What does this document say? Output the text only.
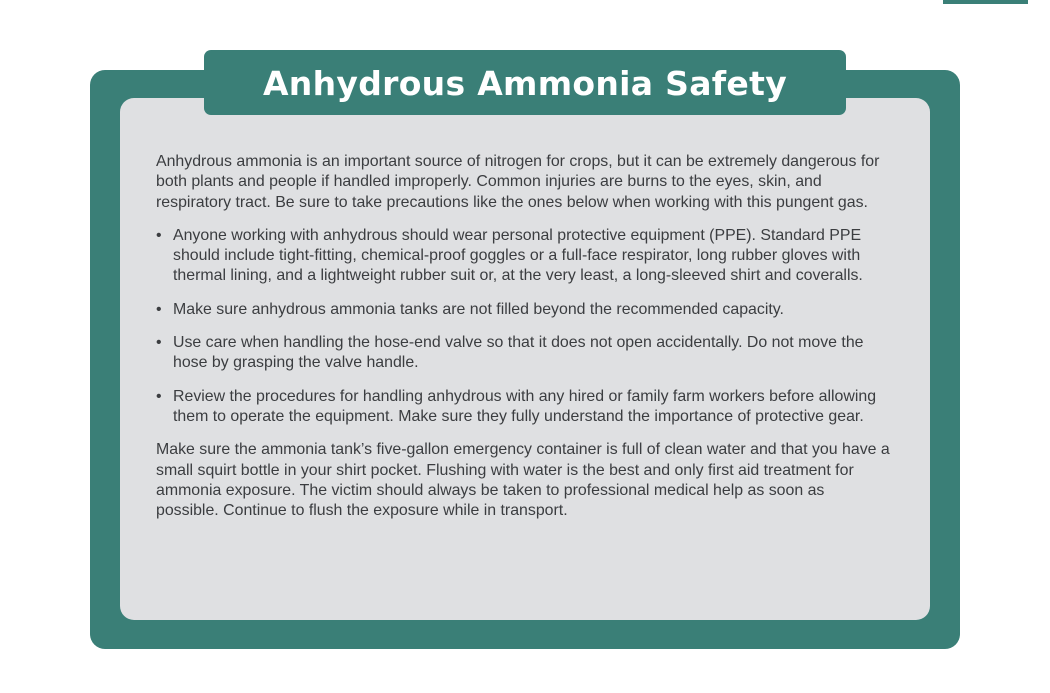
Anhydrous Ammonia Safety

Anhydrous ammonia is an important source of nitrogen for crops, but it can be extremely dangerous for both plants and people if handled improperly. Common injuries are burns to the eyes, skin, and respiratory tract. Be sure to take precautions like the ones below when working with this pungent gas.

• Anyone working with anhydrous should wear personal protective equipment (PPE). Standard PPE should include tight-fitting, chemical-proof goggles or a full-face respirator, long rubber gloves with thermal lining, and a lightweight rubber suit or, at the very least, a long-sleeved shirt and coveralls.
• Make sure anhydrous ammonia tanks are not filled beyond the recommended capacity.
• Use care when handling the hose-end valve so that it does not open accidentally. Do not move the hose by grasping the valve handle.
• Review the procedures for handling anhydrous with any hired or family farm workers before allowing them to operate the equipment. Make sure they fully understand the importance of protective gear.

Make sure the ammonia tank’s five-gallon emergency container is full of clean water and that you have a small squirt bottle in your shirt pocket. Flushing with water is the best and only first aid treatment for ammonia exposure. The victim should always be taken to professional medical help as soon as possible. Continue to flush the exposure while in transport.
